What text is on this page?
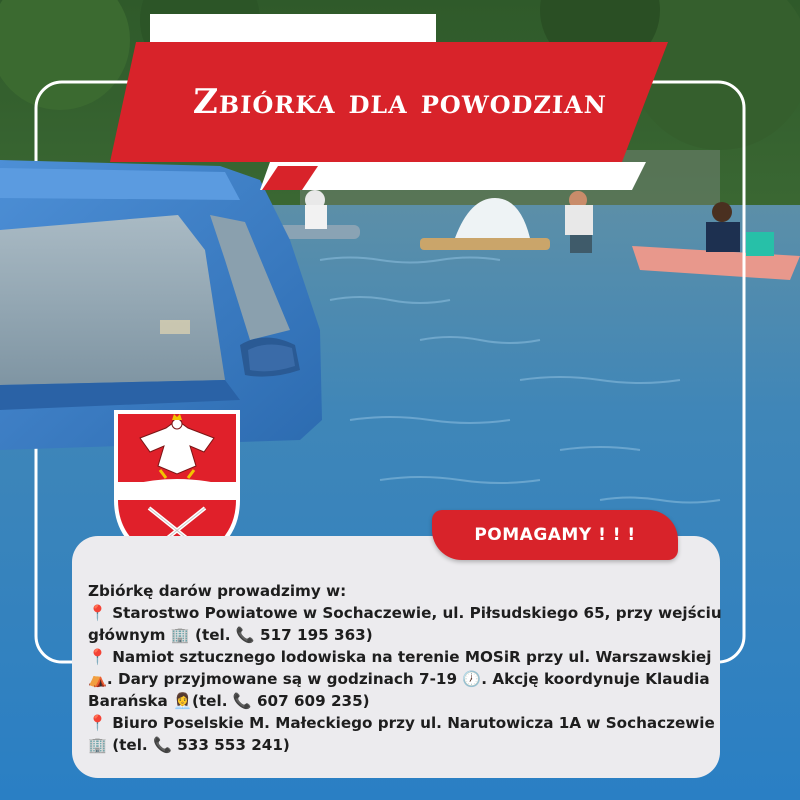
Zbiórka dla powodzian
POMAGAMY ! ! !
Zbiórkę darów prowadzimy w:
📍 Starostwo Powiatowe w Sochaczewie, ul. Piłsudskiego 65, przy wejściu
głównym 🏢 (tel. 📞 517 195 363)
📍 Namiot sztucznego lodowiska na terenie MOSiR przy ul. Warszawskiej
⛺. Dary przyjmowane są w godzinach 7-19 🕖. Akcję koordynuje Klaudia
Barańska 👩‍💼(tel. 📞 607 609 235)
📍 Biuro Poselskie M. Małeckiego przy ul. Narutowicza 1A w Sochaczewie
🏢 (tel. 📞 533 553 241)
